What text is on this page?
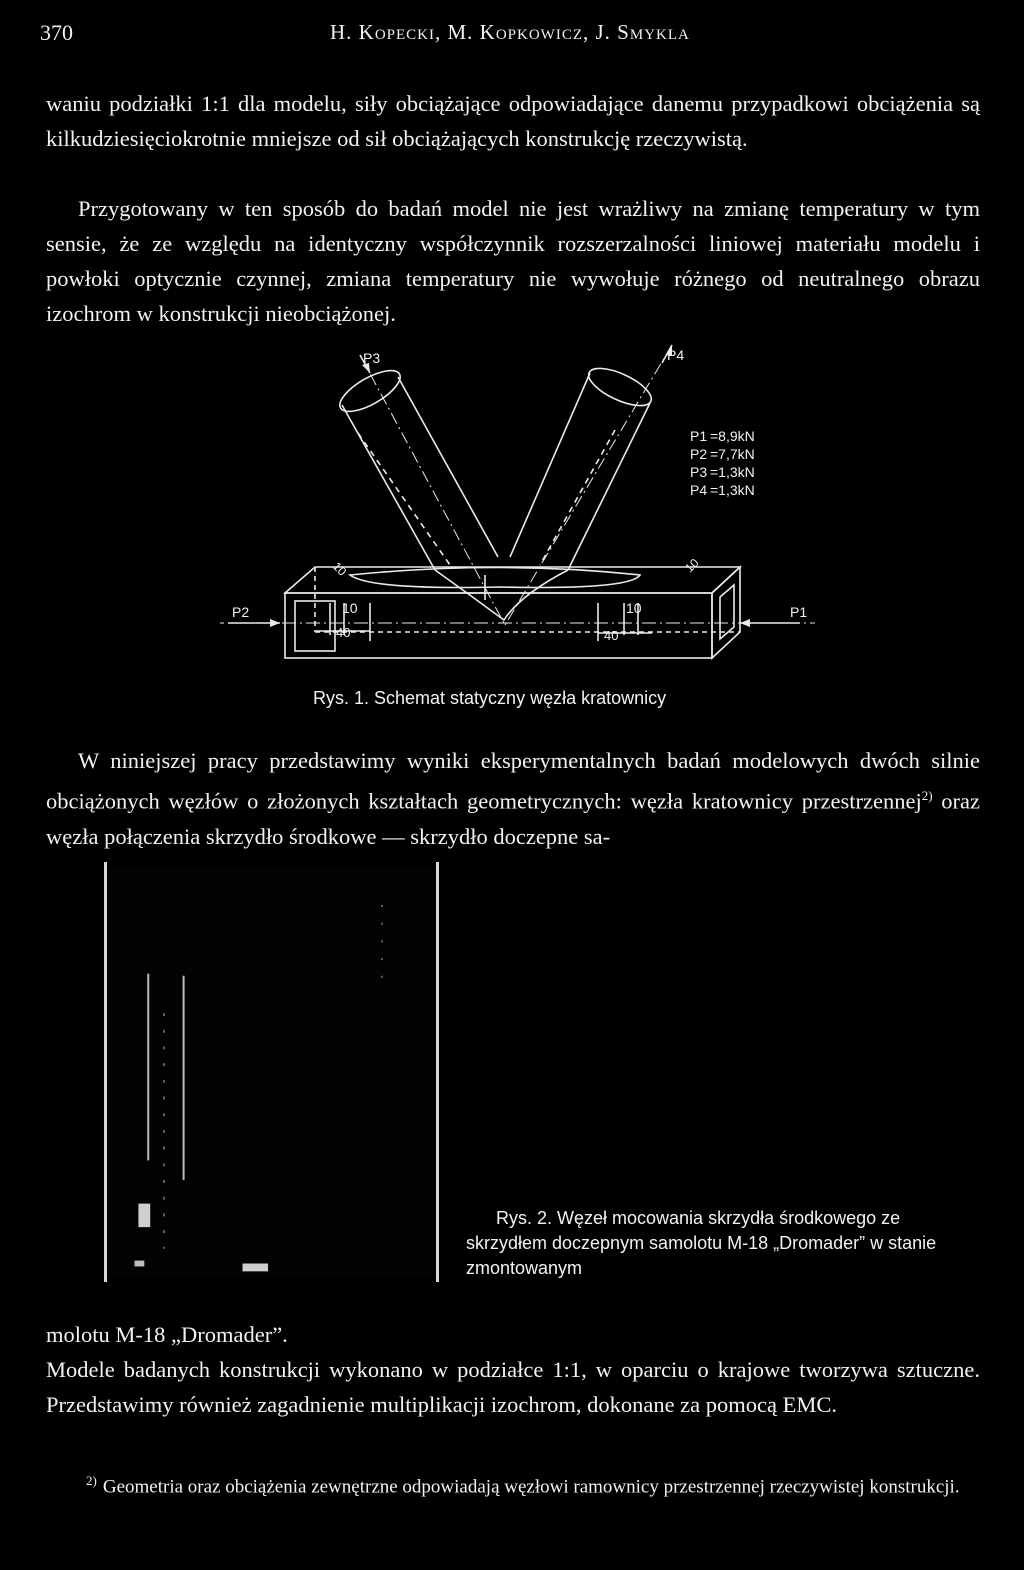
370	H. Kopecki, M. Kopkowicz, J. Smykla

waniu podziałki 1:1 dla modelu, siły obciążające odpowiadające danemu przypadkowi obciążenia są kilkudziesięciokrotnie mniejsze od sił obciążających konstrukcję rzeczywistą.

Przygotowany w ten sposób do badań model nie jest wrażliwy na zmianę temperatury w tym sensie, że ze względu na identyczny współczynnik rozszerzalności liniowej materiału modelu i powłoki optycznie czynnej, zmiana temperatury nie wywołuje różnego od neutralnego obrazu izochrom w konstrukcji nieobciążonej.

P3	P4
P2	P1
10
40
10
40
10	10
P1 =8,9kN
P2 =7,7kN
P3 =1,3kN
P4 =1,3kN
Rys. 1. Schemat statyczny węzła kratownicy

W niniejszej pracy przedstawimy wyniki eksperymentalnych badań modelowych dwóch silnie obciążonych węzłów o złożonych kształtach geometrycznych: węzła kratownicy przestrzennej$^{2)}$ oraz węzła połączenia skrzydło środkowe — skrzydło doczepne sa-

Rys. 2. Węzeł mocowania skrzydła środkowego ze skrzydłem doczepnym samolotu M-18 „Dromader” w stanie zmontowanym
molotu M-18 „Dromader”.
Modele badanych konstrukcji wykonano w podziałce 1:1, w oparciu o krajowe tworzywa sztuczne. Przedstawimy również zagadnienie multiplikacji izochrom, dokonane za pomocą EMC.
2) Geometria oraz obciążenia zewnętrzne odpowiadają węzłowi ramownicy przestrzennej rzeczywistej konstrukcji.
